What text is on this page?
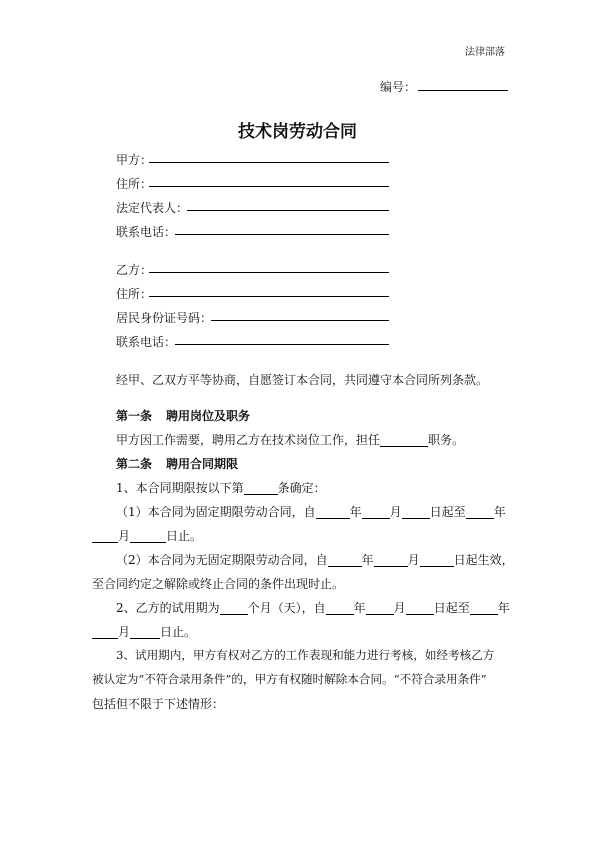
法律部落
编号：
技术岗劳动合同
甲方：
住所：
法定代表人：
联系电话：
乙方：
住所：
居民身份证号码：
联系电话：
经甲、乙双方平等协商，自愿签订本合同，共同遵守本合同所列条款。
第一条 聘用岗位及职务
甲方因工作需要，聘用乙方在技术岗位工作，担任	职务。
第二条 聘用合同期限
1、本合同期限按以下第	条确定：
（1）本合同为固定期限劳动合同，自	年 月 日起至 年
月	日止。
（2）本合同为无固定期限劳动合同，自	年	月	日起生效，
至合同约定之解除或终止合同的条件出现时止。
2、乙方的试用期为 个月（天），自 年 月 日起至 年
月	日止。
3、试用期内，甲方有权对乙方的工作表现和能力进行考核，如经考核乙方
被认定为“不符合录用条件”的，甲方有权随时解除本合同。“不符合录用条件”
包括但不限于下述情形：
